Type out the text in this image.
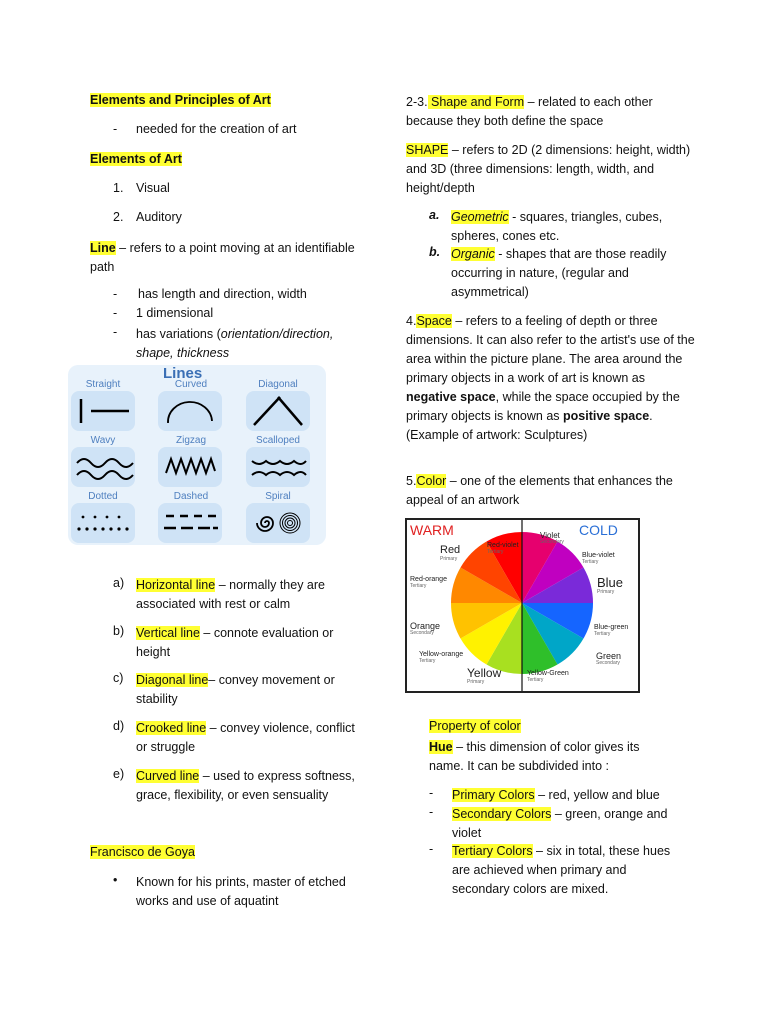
Elements and Principles of Art
-	needed for the creation of art
Elements of Art
1. Visual
2. Auditory
Line – refers to a point moving at an identifiable path
-	has length and direction, width
-	1 dimensional
-	has variations (orientation/direction, shape, thickness
Lines
Straight	Curved	Diagonal
Wavy	Zigzag	Scalloped
Dotted	Dashed	Spiral
a) Horizontal line – normally they are associated with rest or calm
b) Vertical line – connote evaluation or height
c) Diagonal line– convey movement or stability
d) Crooked line – convey violence, conflict or struggle
e) Curved line – used to express softness, grace, flexibility, or even sensuality
Francisco de Goya
• Known for his prints, master of etched works and use of aquatint
2-3. Shape and Form – related to each other because they both define the space
SHAPE – refers to 2D (2 dimensions: height, width) and 3D (three dimensions: length, width, and height/depth
a. Geometric - squares, triangles, cubes, spheres, cones etc.
b. Organic - shapes that are those readily occurring in nature, (regular and asymmetrical)
4.Space – refers to a feeling of depth or three dimensions. It can also refer to the artist's use of the area within the picture plane. The area around the primary objects in a work of art is known as negative space, while the space occupied by the primary objects is known as positive space. (Example of artwork: Sculptures)
5.Color – one of the elements that enhances the appeal of an artwork
WARM	COLD
Red
Primary
Red-violet
Tertiary
Violet
Secondary
Blue-violet
Tertiary
Blue
Primary
Blue-green
Tertiary
Green
Secondary
Yellow-Green
Tertiary
Yellow
Primary
Yellow-orange
Tertiary
Orange
Secondary
Red-orange
Tertiary
Property of color
Hue – this dimension of color gives its name. It can be subdivided into :
-	Primary Colors – red, yellow and blue
-	Secondary Colors – green, orange and violet
-	Tertiary Colors – six in total, these hues are achieved when primary and secondary colors are mixed.
